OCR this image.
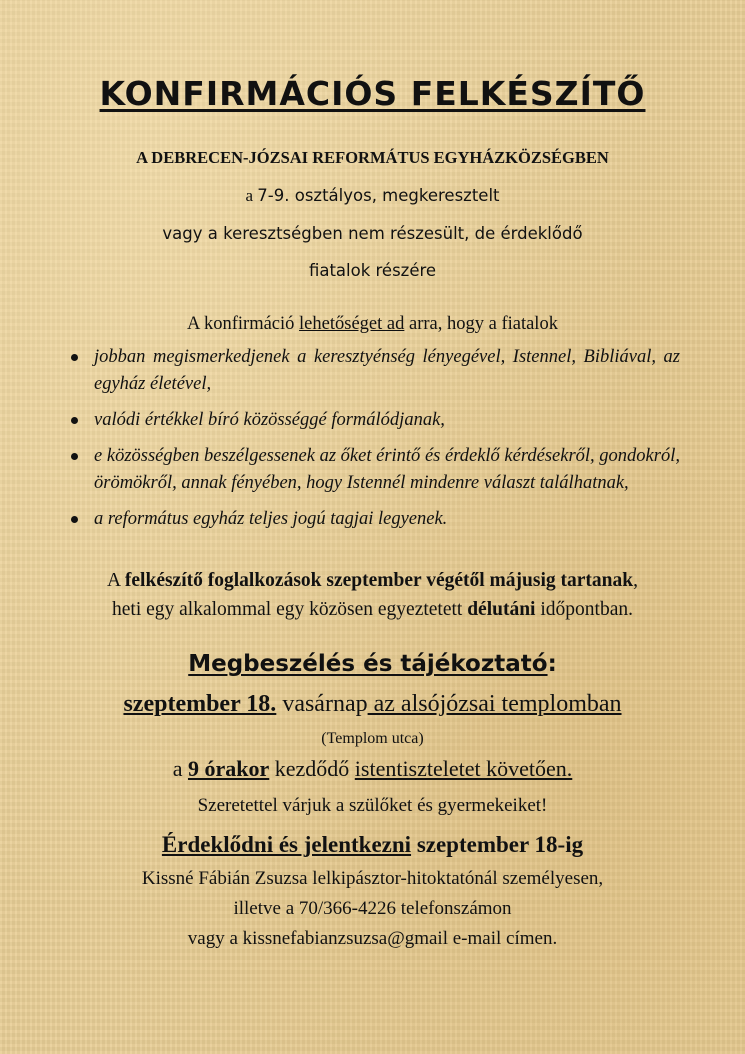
KONFIRMÁCIÓS FELKÉSZÍTŐ
A DEBRECEN-JÓZSAI REFORMÁTUS EGYHÁZKÖZSÉGBEN
a 7-9. osztályos, megkeresztelt
vagy a keresztségben nem részesült, de érdeklődő
fiatalok részére
A konfirmáció lehetőséget ad arra, hogy a fiatalok
jobban megismerkedjenek a keresztyénség lényegével, Istennel, Bibliával, az egyház életével,
valódi értékkel bíró közösséggé formálódjanak,
e közösségben beszélgessenek az őket érintő és érdeklő kérdésekről, gondokról, örömökről, annak fényében, hogy Istennél mindenre választ találhatnak,
a református egyház teljes jogú tagjai legyenek.
A felkészítő foglalkozások szeptember végétől májusig tartanak,
heti egy alkalommal egy közösen egyeztetett délutáni időpontban.
Megbeszélés és tájékoztató:
szeptember 18. vasárnap az alsójózsai templomban
(Templom utca)
a 9 órakor kezdődő istentiszteletet követően.
Szeretettel várjuk a szülőket és gyermekeiket!
Érdeklődni és jelentkezni szeptember 18-ig
Kissné Fábián Zsuzsa lelkipásztor-hitoktatónál személyesen,
illetve a 70/366-4226 telefonszámon
vagy a kissnefabianzsuzsa@gmail e-mail címen.
